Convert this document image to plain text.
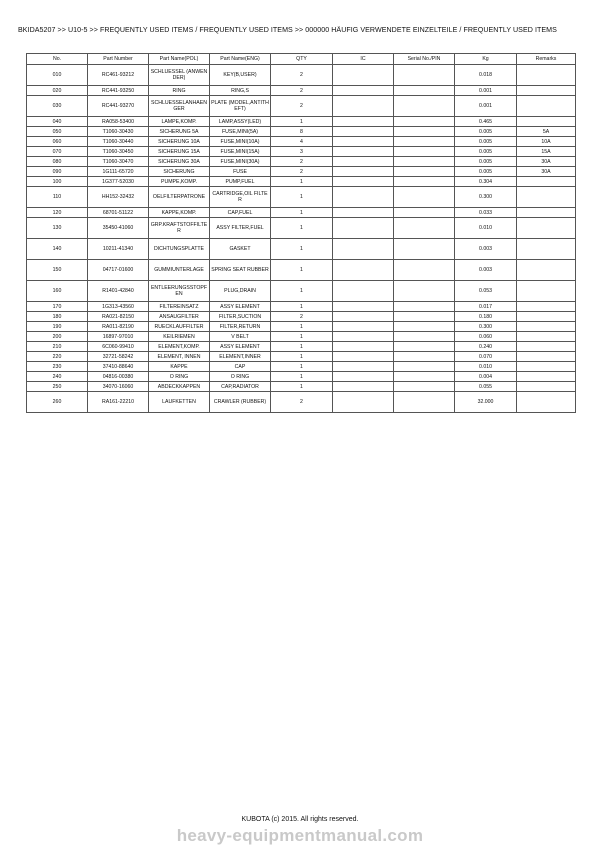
BKIDA5207 >> U10-5 >> FREQUENTLY USED ITEMS / FREQUENTLY USED ITEMS >> 000000 HÄUFIG VERWENDETE EINZELTEILE / FREQUENTLY USED ITEMS
No.	Part Number	Part Name(POL)	Part Name(ENG)	QTY	IC	Serial No./PIN	Kg	Remarks
010	RC461-93212	SCHLUESSEL (ANWENDER)	KEY(B,USER)	2			0.018	
020	RC441-93250	RING	RING,S	2			0.001	
030	RC441-93270	SCHLUESSELANHAENGER	PLATE (MODEL,ANTITHEFT)	2			0.001	
040	RA058-53400	LAMPE,KOMP.	LAMP,ASSY(LED)	1			0.465	
050	T1060-30430	SICHERUNG 5A	FUSE,MINI(5A)	8			0.005	5A
060	T1060-30440	SICHERUNG 10A	FUSE,MINI(10A)	4			0.005	10A
070	T1060-30450	SICHERUNG 15A	FUSE,MINI(15A)	3			0.005	15A
080	T1060-30470	SICHERUNG 30A	FUSE,MINI(30A)	2			0.005	30A
090	1G111-65720	SICHERUNG	FUSE	2			0.005	30A
100	1G377-52030	PUMPE,KOMP.	PUMP,FUEL	1			0.304	
110	HH152-32432	OELFILTERPATRONE	CARTRIDGE,OIL FILTER	1			0.300	
120	68701-51122	KAPPE,KOMP.	CAP,FUEL	1			0.033	
130	35450-41060	GRP.KRAFTSTOFFILTER	ASSY FILTER,FUEL	1			0.010	
140	10211-41340	DICHTUNGSPLATTE	GASKET	1			0.003	
150	04717-01600	GUMMIUNTERLAGE	SPRING SEAT RUBBER	1			0.003	
160	R1401-42840	ENTLEERUNGSSTOPFEN	PLUG,DRAIN	1			0.053	
170	1G313-43560	FILTEREINSATZ	ASSY ELEMENT	1			0.017	
180	RA021-82150	ANSAUGFILTER	FILTER,SUCTION	2			0.180	
190	RA011-82190	RUECKLAUFFILTER	FILTER,RETURN	1			0.300	
200	16897-97010	KEILRIEMEN	V BELT	1			0.060	
210	6C060-99410	ELEMENT,KOMP.	ASSY ELEMENT	1			0.240	
220	32721-58242	ELEMENT, INNEN	ELEMENT,INNER	1			0.070	
230	37410-88640	KAPPE	CAP	1			0.010	
240	04816-00380	O RING	O RING	1			0.004	
250	34070-16060	ABDECKKAPPEN	CAP,RADIATOR	1			0.055	
260	RA161-22210	LAUFKETTEN	CRAWLER (RUBBER)	2			32.000	
KUBOTA (c) 2015. All rights reserved.
heavy-equipmentmanual.com
